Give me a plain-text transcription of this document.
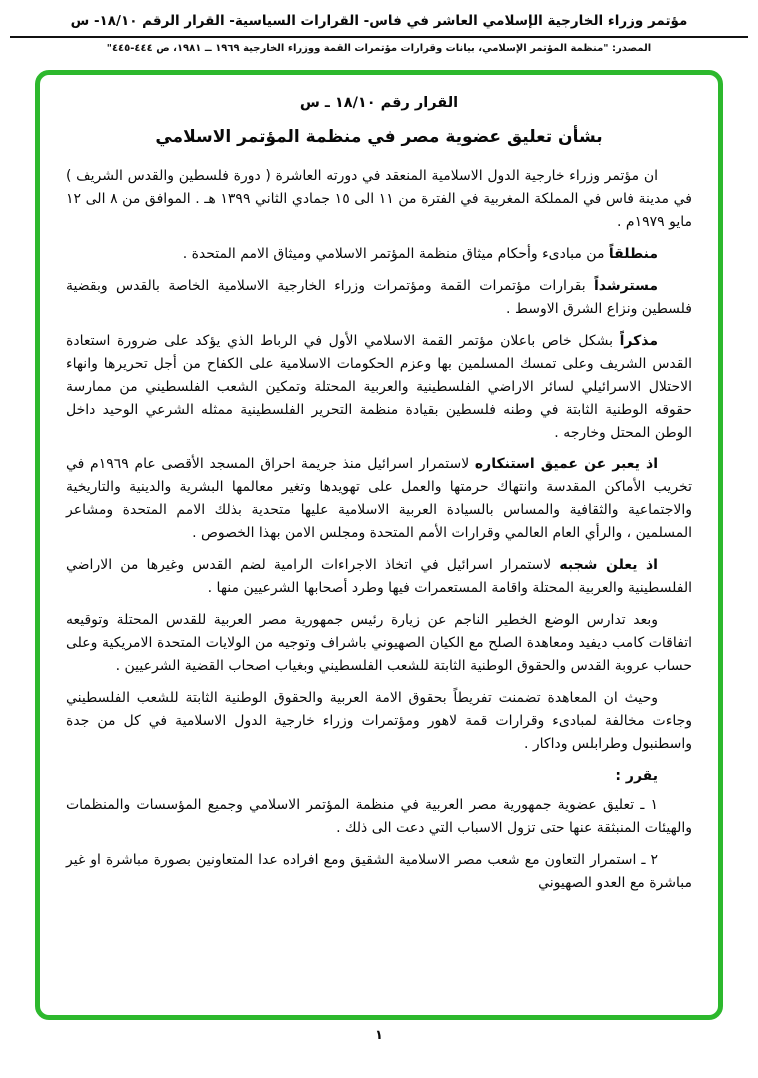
مؤتمر وزراء الخارجية الإسلامي العاشر في فاس- القرارات السياسية- القرار الرقم ١٨/١٠- س
المصدر: "منظمة المؤتمر الإسلامي، بيانات وقرارات مؤتمرات القمة ووزراء الخارجية ١٩٦٩ ــ ١٩٨١، ص ٤٤٤-٤٤٥"

القرار رقم ١٨/١٠ ـ س

بشأن تعليق عضوية مصر في منظمة المؤتمر الاسلامي

ان مؤتمر وزراء خارجية الدول الاسلامية المنعقد في دورته العاشرة ( دورة فلسطين والقدس الشريف ) في مدينة فاس في المملكة المغربية في الفترة من ١١ الى ١٥ جمادي الثاني ١٣٩٩ هـ . الموافق من ٨ الى ١٢ مايو ١٩٧٩م .

منطلقاً من مبادىء وأحكام ميثاق منظمة المؤتمر الاسلامي وميثاق الامم المتحدة .

مسترشداً بقرارات مؤتمرات القمة ومؤتمرات وزراء الخارجية الاسلامية الخاصة بالقدس وبقضية فلسطين ونزاع الشرق الاوسط .

مذكراً بشكل خاص باعلان مؤتمر القمة الاسلامي الأول في الرباط الذي يؤكد على ضرورة استعادة القدس الشريف وعلى تمسك المسلمين بها وعزم الحكومات الاسلامية على الكفاح من أجل تحريرها وانهاء الاحتلال الاسرائيلي لسائر الاراضي الفلسطينية والعربية المحتلة وتمكين الشعب الفلسطيني من ممارسة حقوقه الوطنية الثابتة في وطنه فلسطين بقيادة منظمة التحرير الفلسطينية ممثله الشرعي الوحيد داخل الوطن المحتل وخارجه .

اذ يعبر عن عميق استنكاره لاستمرار اسرائيل منذ جريمة احراق المسجد الأقصى عام ١٩٦٩م في تخريب الأماكن المقدسة وانتهاك حرمتها والعمل على تهويدها وتغير معالمها البشرية والدينية والتاريخية والاجتماعية والثقافية والمساس بالسيادة العربية الاسلامية عليها متحدية بذلك الامم المتحدة ومشاعر المسلمين ، والرأي العام العالمي وقرارات الأمم المتحدة ومجلس الامن بهذا الخصوص .

اذ يعلن شجبه لاستمرار اسرائيل في اتخاذ الاجراءات الرامية لضم القدس وغيرها من الاراضي الفلسطينية والعربية المحتلة واقامة المستعمرات فيها وطرد أصحابها الشرعيين منها .

وبعد تدارس الوضع الخطير الناجم عن زيارة رئيس جمهورية مصر العربية للقدس المحتلة وتوقيعه اتفاقات كامب ديفيد ومعاهدة الصلح مع الكيان الصهيوني باشراف وتوجيه من الولايات المتحدة الامريكية وعلى حساب عروبة القدس والحقوق الوطنية الثابتة للشعب الفلسطيني وبغياب اصحاب القضية الشرعيين .

وحيث ان المعاهدة تضمنت تفريطاً بحقوق الامة العربية والحقوق الوطنية الثابتة للشعب الفلسطيني وجاءت مخالفة لمبادىء وقرارات قمة لاهور ومؤتمرات وزراء خارجية الدول الاسلامية في كل من جدة واسطنبول وطرابلس وداكار .

يقرر :

١ ـ تعليق عضوية جمهورية مصر العربية في منظمة المؤتمر الاسلامي وجميع المؤسسات والمنظمات والهيئات المنبثقة عنها حتى تزول الاسباب التي دعت الى ذلك .

٢ ـ استمرار التعاون مع شعب مصر الاسلامية الشقيق ومع افراده عدا المتعاونين بصورة مباشرة او غير مباشرة مع العدو الصهيوني

١
